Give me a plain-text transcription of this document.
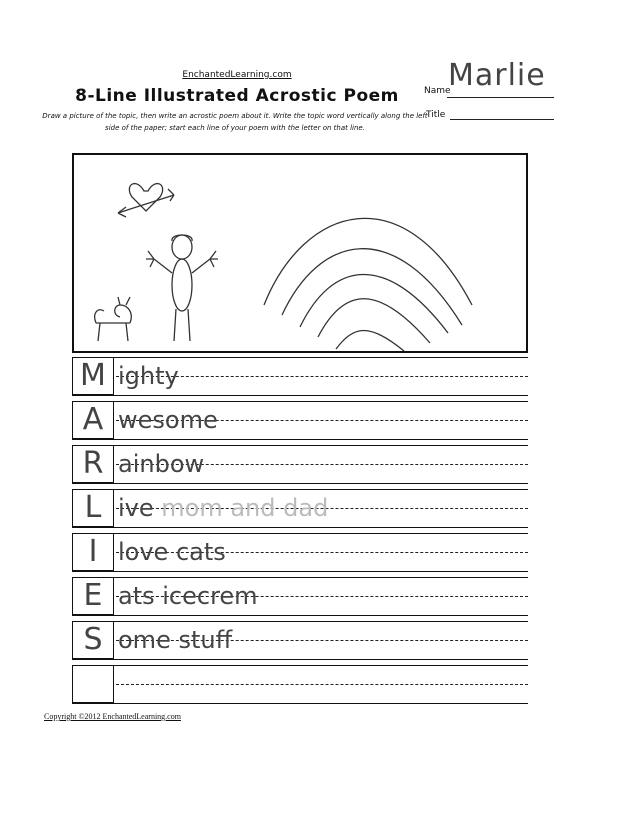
EnchantedLearning.com
8-Line Illustrated Acrostic Poem	Name
Marlie
Draw a picture of the topic, then write an acrostic poem about it. Write the topic word vertically along the left side of the paper; start each line of your poem with the letter on that line.
Title
M ighty
A wesome
R ainbow
L ive mom and dad
I love cats
E ats icecrem
S ome stuff
Copyright ©2012 EnchantedLearning.com
